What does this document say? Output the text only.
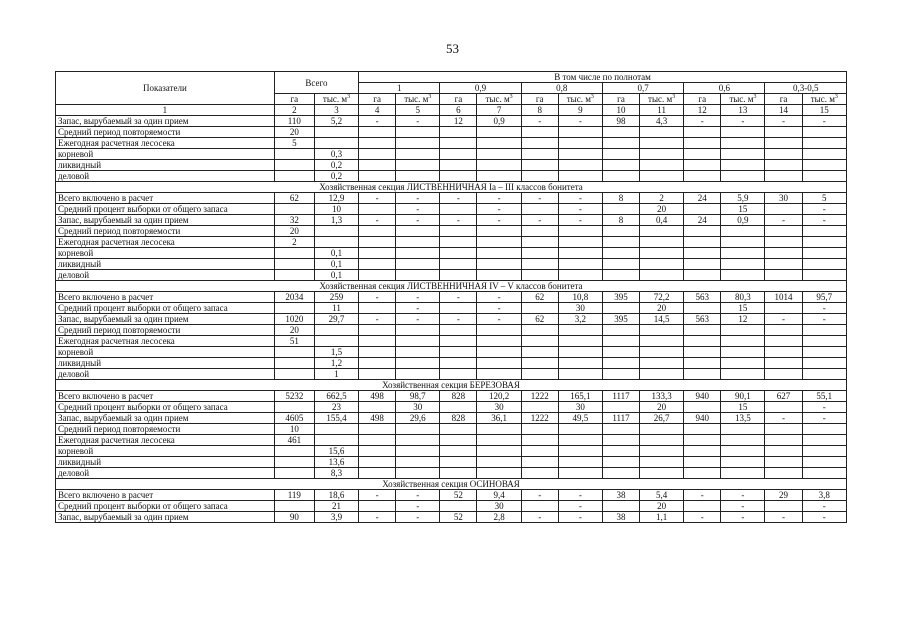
53
Показатели	Всего		В том числе по полнотам											
			1		0,9		0,8		0,7		0,6		0,3-0,5	
	га	тыс. $м^3$	га	тыс. $м^3$	га	тыс. $м^3$	га	тыс. $м^3$	га	тыс. $м^3$	га	тыс. $м^3$	га	тыс. $м^3$
1	2	3	4	5	6	7	8	9	10	11	12	13	14	15
Запас, вырубаемый за один прием	110	5,2	-	-	12	0,9	-	-	98	4,3	-	-	-	-
Средний период повторяемости	20													
Ежегодная расчетная лесосека	5													
корневой		0,3												
ликвидный		0,2												
деловой		0,2												
Хозяйственная секция ЛИСТВЕННИЧНАЯ Ia – III классов бонитета														
Всего включено в расчет	62	12,9	-	-	-	-	-	-	8	2	24	5,9	30	5
Средний процент выборки от общего запаса		10		-		-		-		20		15		-
Запас, вырубаемый за один прием	32	1,3	-	-	-	-	-	-	8	0,4	24	0,9	-	-
Средний период повторяемости	20													
Ежегодная расчетная лесосека	2													
корневой		0,1												
ликвидный		0,1												
деловой		0,1												
Хозяйственная секция ЛИСТВЕННИЧНАЯ IV – V классов бонитета														
Всего включено в расчет	2034	259	-	-	-	-	62	10,8	395	72,2	563	80,3	1014	95,7
Средний процент выборки от общего запаса		11		-		-		30		20		15		-
Запас, вырубаемый за один прием	1020	29,7	-	-	-	-	62	3,2	395	14,5	563	12	-	-
Средний период повторяемости	20													
Ежегодная расчетная лесосека	51													
корневой		1,5												
ликвидный		1,2												
деловой		1												
Хозяйственная секция БЕРЕЗОВАЯ														
Всего включено в расчет	5232	662,5	498	98,7	828	120,2	1222	165,1	1117	133,3	940	90,1	627	55,1
Средний процент выборки от общего запаса		23		30		30		30		20		15		-
Запас, вырубаемый за один прием	4605	155,4	498	29,6	828	36,1	1222	49,5	1117	26,7	940	13,5	-	-
Средний период повторяемости	10													
Ежегодная расчетная лесосека	461													
корневой		15,6												
ликвидный		13,6												
деловой		8,3												
Хозяйственная секция ОСИНОВАЯ														
Всего включено в расчет	119	18,6	-	-	52	9,4	-	-	38	5,4	-	-	29	3,8
Средний процент выборки от общего запаса		21		-		30		-		20		-		-
Запас, вырубаемый за один прием	90	3,9	-	-	52	2,8	-	-	38	1,1	-	-	-	-
